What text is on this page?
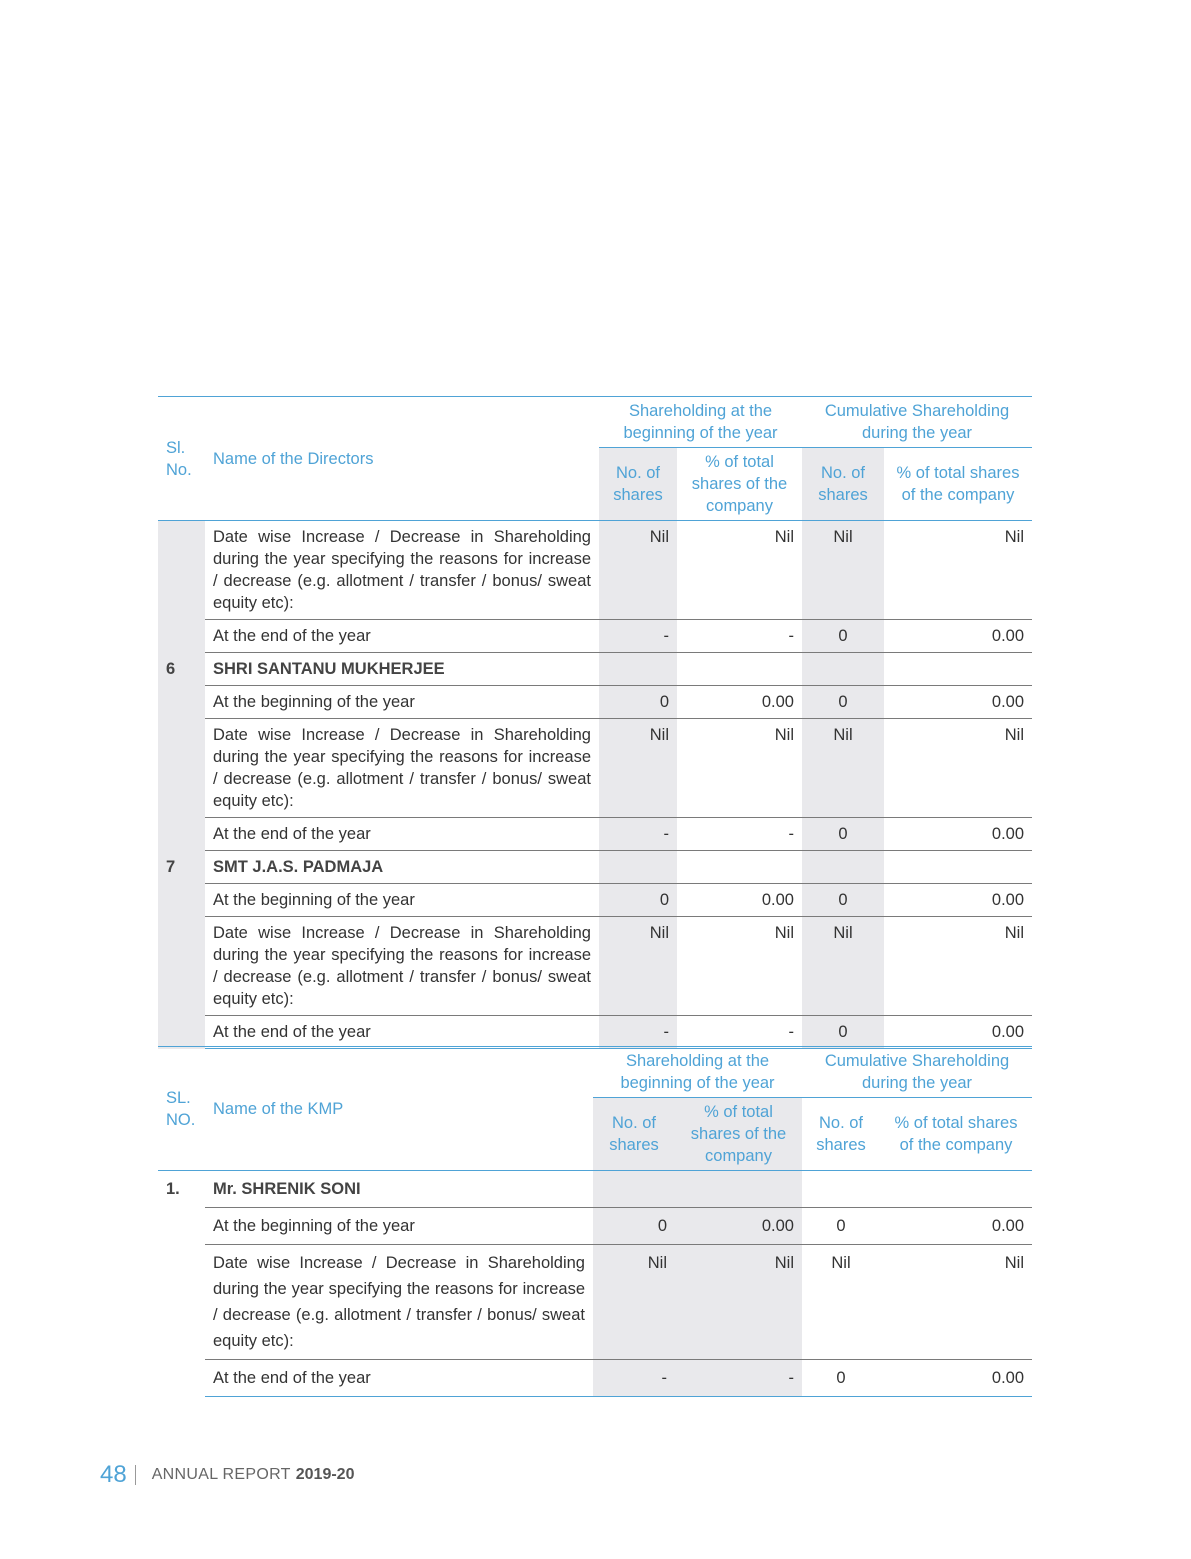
Sl. No.	Name of the Directors	Shareholding at the beginning of the year		Cumulative Shareholding during the year	
		No. of shares	% of total shares of the company	No. of shares	% of total shares of the company
	Date wise Increase / Decrease in Shareholding during the year specifying the reasons for increase / decrease (e.g. allotment / transfer / bonus/ sweat equity etc):	Nil	Nil	Nil	Nil
	At the end of the year	-	-	0	0.00
6	SHRI SANTANU MUKHERJEE				
	At the beginning of the year	0	0.00	0	0.00
	Date wise Increase / Decrease in Shareholding during the year specifying the reasons for increase / decrease (e.g. allotment / transfer / bonus/ sweat equity etc):	Nil	Nil	Nil	Nil
	At the end of the year	-	-	0	0.00
7	SMT J.A.S. PADMAJA				
	At the beginning of the year	0	0.00	0	0.00
	Date wise Increase / Decrease in Shareholding during the year specifying the reasons for increase / decrease (e.g. allotment / transfer / bonus/ sweat equity etc):	Nil	Nil	Nil	Nil
	At the end of the year	-	-	0	0.00
SL. NO.	Name of the KMP	Shareholding at the beginning of the year		Cumulative Shareholding during the year	
		No. of shares	% of total shares of the company	No. of shares	% of total shares of the company
1.	Mr. SHRENIK SONI				
	At the beginning of the year	0	0.00	0	0.00
	Date wise Increase / Decrease in Shareholding during the year specifying the reasons for increase / decrease (e.g. allotment / transfer / bonus/ sweat equity etc):	Nil	Nil	Nil	Nil
	At the end of the year	-	-	0	0.00
48 ANNUAL REPORT 2019-20
